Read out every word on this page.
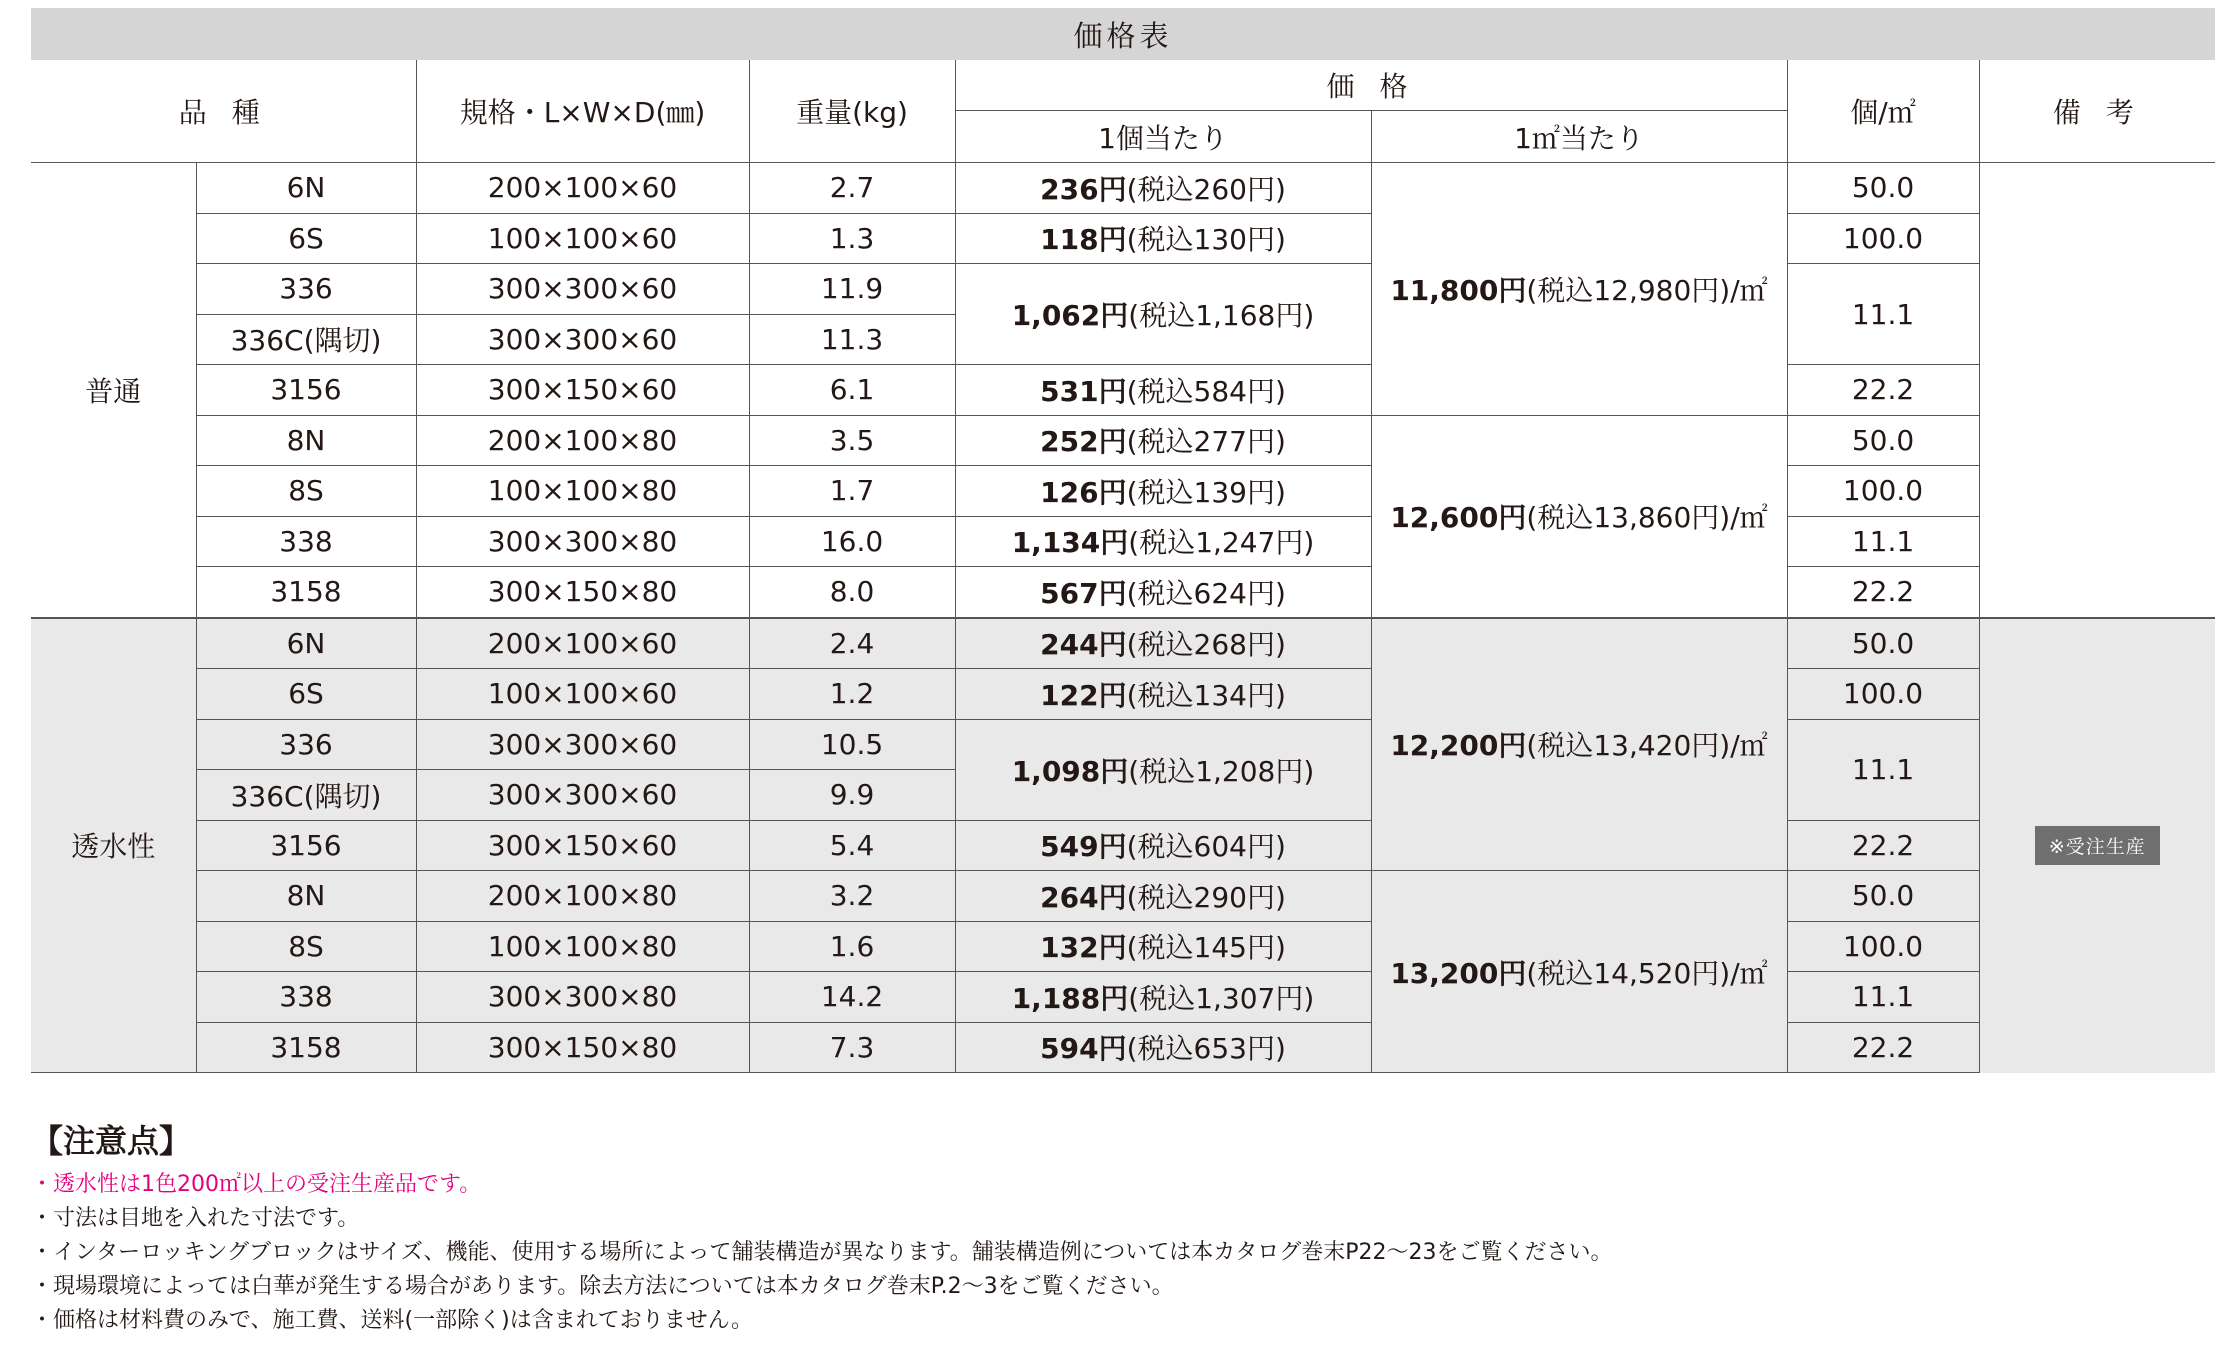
価格表
品 種		規格・L×W×D(㎜)	重量(kg)	価 格		個/㎡	備 考
				1個当たり	1㎡当たり		
普通	6N	200×100×60	2.7	236円(税込260円)	11,800円(税込12,980円)/㎡	50.0	
	6S	100×100×60	1.3	118円(税込130円)		100.0	
	336	300×300×60	11.9	1,062円(税込1,168円)		11.1	
	336C(隅切)	300×300×60	11.3				
	3156	300×150×60	6.1	531円(税込584円)		22.2	
	8N	200×100×80	3.5	252円(税込277円)	12,600円(税込13,860円)/㎡	50.0	
	8S	100×100×80	1.7	126円(税込139円)		100.0	
	338	300×300×80	16.0	1,134円(税込1,247円)		11.1	
	3158	300×150×80	8.0	567円(税込624円)		22.2	
透水性	6N	200×100×60	2.4	244円(税込268円)	12,200円(税込13,420円)/㎡	50.0	※受注生産
	6S	100×100×60	1.2	122円(税込134円)		100.0	
	336	300×300×60	10.5	1,098円(税込1,208円)		11.1	
	336C(隅切)	300×300×60	9.9				
	3156	300×150×60	5.4	549円(税込604円)		22.2	
	8N	200×100×80	3.2	264円(税込290円)	13,200円(税込14,520円)/㎡	50.0	
	8S	100×100×80	1.6	132円(税込145円)		100.0	
	338	300×300×80	14.2	1,188円(税込1,307円)		11.1	
	3158	300×150×80	7.3	594円(税込653円)		22.2	
【注意点】
・透水性は1色200㎡以上の受注生産品です。
・寸法は目地を入れた寸法です。
・インターロッキングブロックはサイズ、機能、使用する場所によって舗装構造が異なります。舗装構造例については本カタログ巻末P22〜23をご覧ください。
・現場環境によっては白華が発生する場合があります。除去方法については本カタログ巻末P.2〜3をご覧ください。
・価格は材料費のみで、施工費、送料(一部除く)は含まれておりません。
